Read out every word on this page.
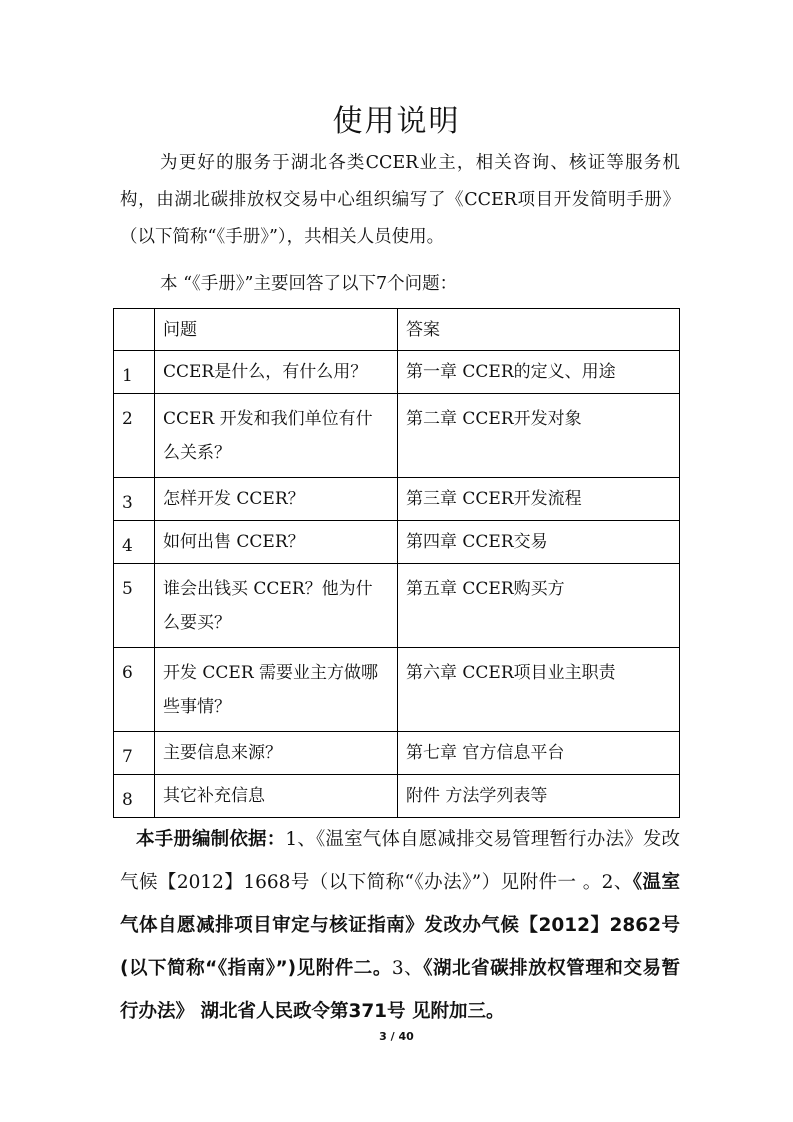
使用说明

为更好的服务于湖北各类CCER业主，相关咨询、核证等服务机构，由湖北碳排放权交易中心组织编写了《CCER项目开发简明手册》（以下简称“《手册》”），共相关人员使用。

本 “《手册》”主要回答了以下7个问题：

	问题	答案
1	CCER是什么，有什么用？	第一章 CCER的定义、用途
2	CCER 开发和我们单位有什么关系？	第二章 CCER开发对象
3	怎样开发 CCER？	第三章 CCER开发流程
4	如何出售 CCER？	第四章 CCER交易
5	谁会出钱买 CCER？他为什么要买？	第五章 CCER购买方
6	开发 CCER 需要业主方做哪些事情？	第六章 CCER项目业主职责
7	主要信息来源？	第七章 官方信息平台
8	其它补充信息	附件 方法学列表等

本手册编制依据：1、《温室气体自愿减排交易管理暂行办法》发改气候【2012】1668号（以下简称“《办法》”）见附件一 。2、《温室气体自愿减排项目审定与核证指南》发改办气候【2012】2862号(以下简称“《指南》”)见附件二。3、《湖北省碳排放权管理和交易暂行办法》 湖北省人民政令第371号 见附加三。

3 / 40
